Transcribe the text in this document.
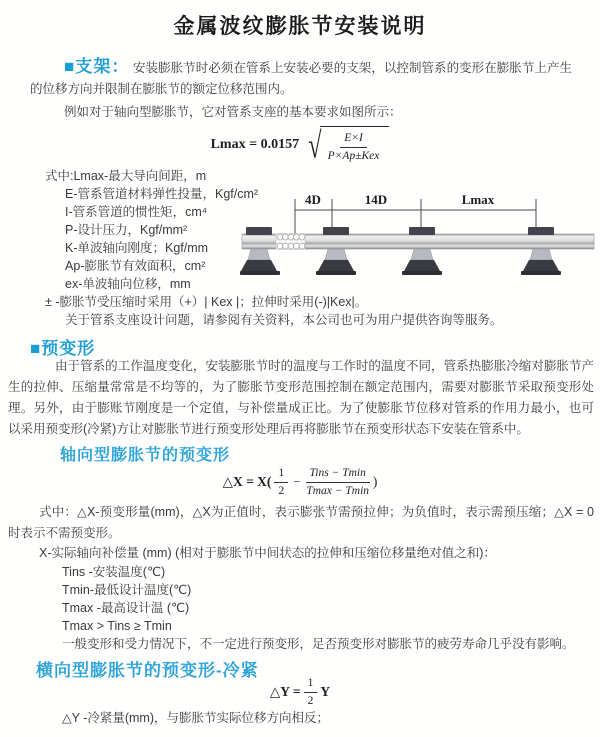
金属波纹膨胀节安装说明
■支架： 安装膨胀节时必须在管系上安装必要的支架，以控制管系的变形在膨胀节上产生的位移方向并限制在膨胀节的额定位移范围内。
例如对于轴向型膨胀节，它对管系支座的基本要求如图所示：
Lmax = 0.0157 √ $\frac{E\times I}{\text{P×Ap±Kex}}$
式中:Lmax-最大导向间距，m
E-管系管道材料弹性投量，Kgf/cm²
I-管系管道的惯性矩，cm⁴
P-设计压力，Kgf/mm²
K-单波轴向刚度；Kgf/mm
Ap-膨胀节有效面积，cm²
ex-单波轴向位移，mm
± -膨胀节受压缩时采用（+）| Kex |；拉伸时采用(-)|Kex|。
关于管系支座设计问题，请参阅有关资料，本公司也可为用户提供咨询等服务。
4D	14D	Lmax
■预变形
由于管系的工作温度变化，安装膨胀节时的温度与工作时的温度不同，管系热膨胀冷缩对膨胀节产生的拉伸、压缩量常常是不均等的，为了膨胀节变形范围控制在额定范围内，需要对膨胀节采取预变形处理。另外，由于膨账节刚度是一个定值，与补偿量成正比。为了使膨胀节位移对管系的作用力最小，也可以采用预变形(冷紧)方让对膨胀节进行预变形处理后再将膨胀节在预变形状态下安装在管系中。
轴向型膨胀节的预变形
△X = $X( \frac{1}{2} - \frac{\text{Tins − Tmin}}{Tmax - Tmin}$ )
式中：△X-预变形量(mm)，△X为正值时，表示膨张节需预拉伸；为负值时，表示需预压缩；△X = 0时表示不需预变形。
X-实际轴向补偿量 (mm) (相对于膨胀节中间状态的拉伸和压缩位移量绝对值之和)：
Tins -安装温度(℃)
Tmin-最低设计温度(℃)
Tmax -最高设计温 (℃)
Tmax > Tins ≥ Tmin
一般变形和受力情况下，不一定进行预变形，足否预变形对膨胀节的疲劳寿命几乎没有影响。
横向型膨胀节的预变形-冷紧
△Y = $\frac{1}{2}$ Y
△Y -冷紧量(mm)，与膨胀节实际位移方向相反；
